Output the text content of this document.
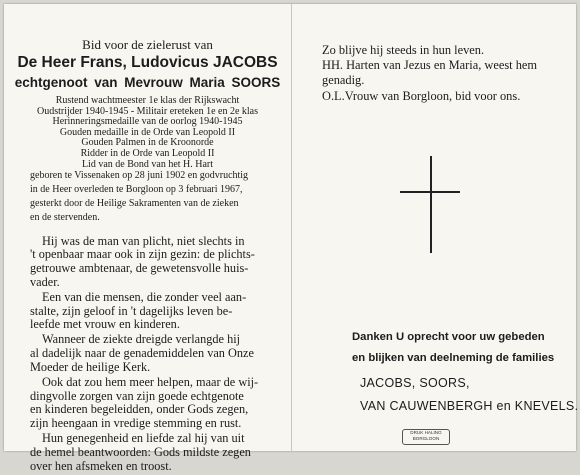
Bid voor de zielerust van
De Heer Frans, Ludovicus JACOBS
echtgenoot van Mevrouw Maria SOORS
Rustend wachtmeester 1e klas der Rijkswacht
Oudstrijder 1940-1945 - Militair ereteken 1e en 2e klas
Herinneringsmedaille van de oorlog 1940-1945
Gouden medaille in de Orde van Leopold II
Gouden Palmen in de Kroonorde
Ridder in de Orde van Leopold II
Lid van de Bond van het H. Hart
geboren te Vissenaken op 28 juni 1902 en godvruchtig
in de Heer overleden te Borgloon op 3 februari 1967,
gesterkt door de Heilige Sakramenten van de zieken
en de stervenden.

Hij was de man van plicht, niet slechts in
't openbaar maar ook in zijn gezin: de plichts-
getrouwe ambtenaar, de gewetensvolle huis-
vader.

Een van die mensen, die zonder veel aan-
stalte, zijn geloof in 't dagelijks leven be-
leefde met vrouw en kinderen.

Wanneer de ziekte dreigde verlangde hij
al dadelijk naar de genademiddelen van Onze
Moeder de heilige Kerk.

Ook dat zou hem meer helpen, maar de wij-
dingvolle zorgen van zijn goede echtgenote
en kinderen begeleidden, onder Gods zegen,
zijn heengaan in vredige stemming en rust.

Hun genegenheid en liefde zal hij van uit
de hemel beantwoorden: Gods mildste zegen
over hen afsmeken en troost.

Zo blijve hij steeds in hun leven.
HH. Harten van Jezus en Maria, weest hem
genadig.
O.L.Vrouw van Borgloon, bid voor ons.
Danken U oprecht voor uw gebeden
en blijken van deelneming de families
JACOBS, SOORS,
VAN CAUWENBERGH en KNEVELS.
DRUK HALING
BORGLOON
